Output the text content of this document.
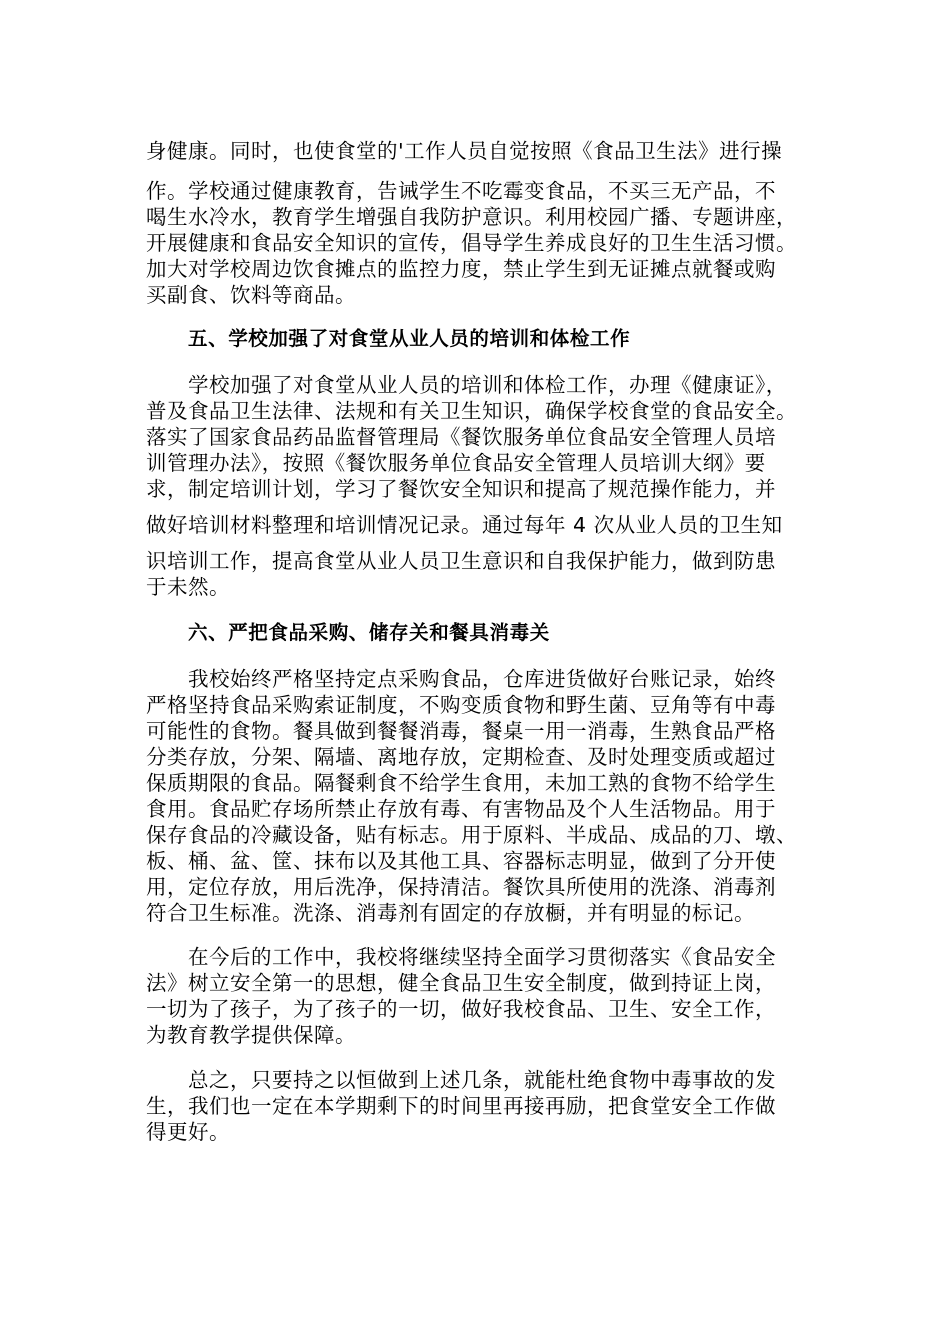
身健康。同时，也使食堂的'工作人员自觉按照《食品卫生法》进行操

作。学校通过健康教育，告诫学生不吃霉变食品，不买三无产品，不

喝生水冷水，教育学生增强自我防护意识。利用校园广播、专题讲座，

开展健康和食品安全知识的宣传，倡导学生养成良好的卫生生活习惯。

加大对学校周边饮食摊点的监控力度，禁止学生到无证摊点就餐或购

买副食、饮料等商品。

五、学校加强了对食堂从业人员的培训和体检工作

学校加强了对食堂从业人员的培训和体检工作，办理《健康证》，

普及食品卫生法律、法规和有关卫生知识，确保学校食堂的食品安全。

落实了国家食品药品监督管理局《餐饮服务单位食品安全管理人员培

训管理办法》，按照《餐饮服务单位食品安全管理人员培训大纲》要

求，制定培训计划，学习了餐饮安全知识和提高了规范操作能力，并

做好培训材料整理和培训情况记录。通过每年 4 次从业人员的卫生知

识培训工作，提高食堂从业人员卫生意识和自我保护能力，做到防患

于未然。

六、严把食品采购、储存关和餐具消毒关

我校始终严格坚持定点采购食品，仓库进货做好台账记录，始终

严格坚持食品采购索证制度，不购变质食物和野生菌、豆角等有中毒

可能性的食物。餐具做到餐餐消毒，餐桌一用一消毒，生熟食品严格

分类存放，分架、隔墙、离地存放，定期检查、及时处理变质或超过

保质期限的食品。隔餐剩食不给学生食用，未加工熟的食物不给学生

食用。食品贮存场所禁止存放有毒、有害物品及个人生活物品。用于

保存食品的冷藏设备，贴有标志。用于原料、半成品、成品的刀、墩、

板、桶、盆、筐、抹布以及其他工具、容器标志明显，做到了分开使

用，定位存放，用后洗净，保持清洁。餐饮具所使用的洗涤、消毒剂

符合卫生标准。洗涤、消毒剂有固定的存放橱，并有明显的标记。

在今后的工作中，我校将继续坚持全面学习贯彻落实《食品安全

法》树立安全第一的思想，健全食品卫生安全制度，做到持证上岗，

一切为了孩子，为了孩子的一切，做好我校食品、卫生、安全工作，

为教育教学提供保障。

总之，只要持之以恒做到上述几条，就能杜绝食物中毒事故的发

生，我们也一定在本学期剩下的时间里再接再励，把食堂安全工作做

得更好。
